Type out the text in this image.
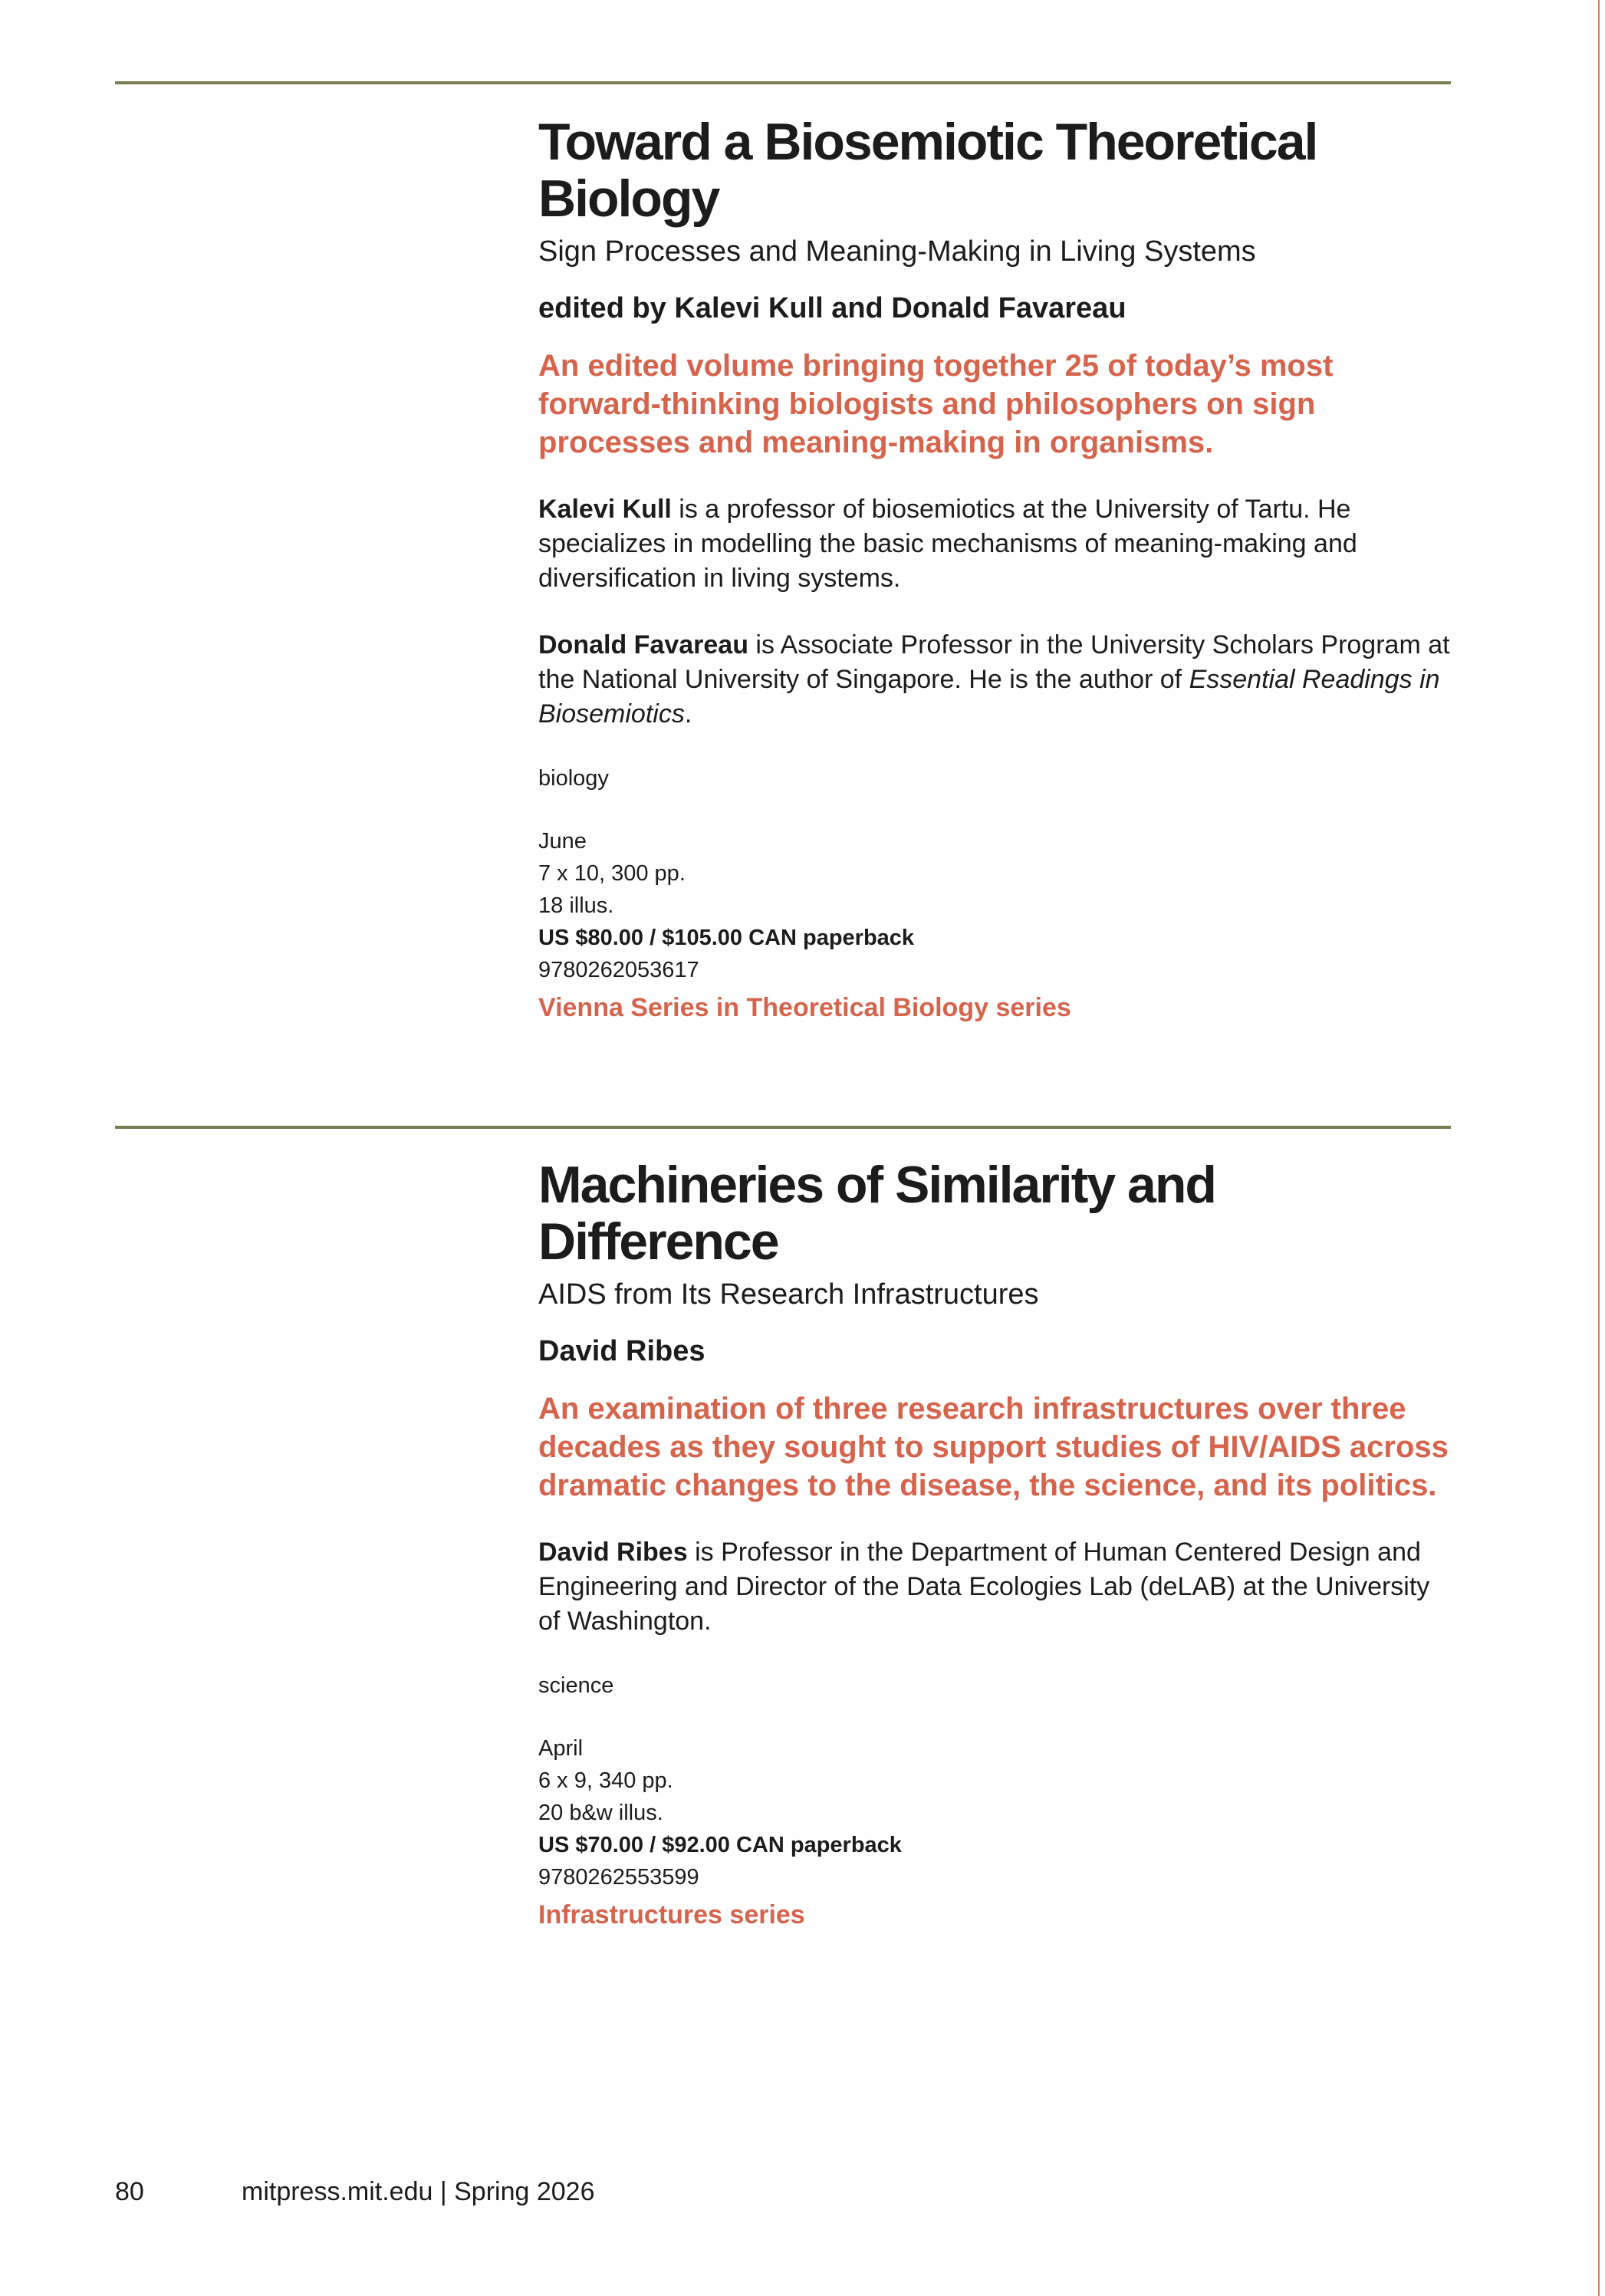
Toward a Biosemiotic Theoretical Biology
Sign Processes and Meaning-Making in Living Systems
edited by Kalevi Kull and Donald Favareau
An edited volume bringing together 25 of today’s most forward-thinking biologists and philosophers on sign processes and meaning-making in organisms.
Kalevi Kull is a professor of biosemiotics at the University of Tartu. He specializes in modelling the basic mechanisms of meaning-making and diversification in living systems.
Donald Favareau is Associate Professor in the University Scholars Program at the National University of Singapore. He is the author of Essential Readings in Biosemiotics.
biology
June
7 x 10, 300 pp.
18 illus.
US $80.00 / $105.00 CAN paperback
9780262053617
Vienna Series in Theoretical Biology series
Machineries of Similarity and Difference
AIDS from Its Research Infrastructures
David Ribes
An examination of three research infrastructures over three decades as they sought to support studies of HIV/AIDS across dramatic changes to the disease, the science, and its politics.
David Ribes is Professor in the Department of Human Centered Design and Engineering and Director of the Data Ecologies Lab (deLAB) at the University of Washington.
science
April
6 x 9, 340 pp.
20 b&w illus.
US $70.00 / $92.00 CAN paperback
9780262553599
Infrastructures series
80	mitpress.mit.edu | Spring 2026
